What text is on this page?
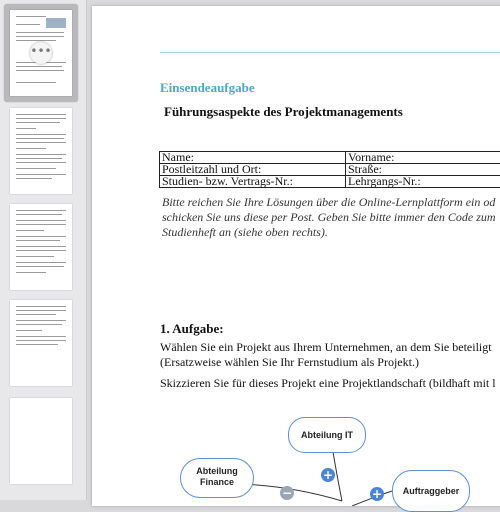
•••
Einsendeaufgabe
Führungsaspekte des Projektmanagements
Name:	Vorname:
Postleitzahl und Ort:	Straße:
Studien- bzw. Vertrags-Nr.:	Lehrgangs-Nr.:
Bitte reichen Sie Ihre Lösungen über die Online-Lernplattform ein od
schicken Sie uns diese per Post. Geben Sie bitte immer den Code zum
Studienheft an (siehe oben rechts).
1. Aufgabe:
Wählen Sie ein Projekt aus Ihrem Unternehmen, an dem Sie beteiligt
(Ersatzweise wählen Sie Ihr Fernstudium als Projekt.)
Skizzieren Sie für dieses Projekt eine Projektlandschaft (bildhaft mit l
Abteilung IT
Abteilung
Finance
Auftraggeber
+
+
−
